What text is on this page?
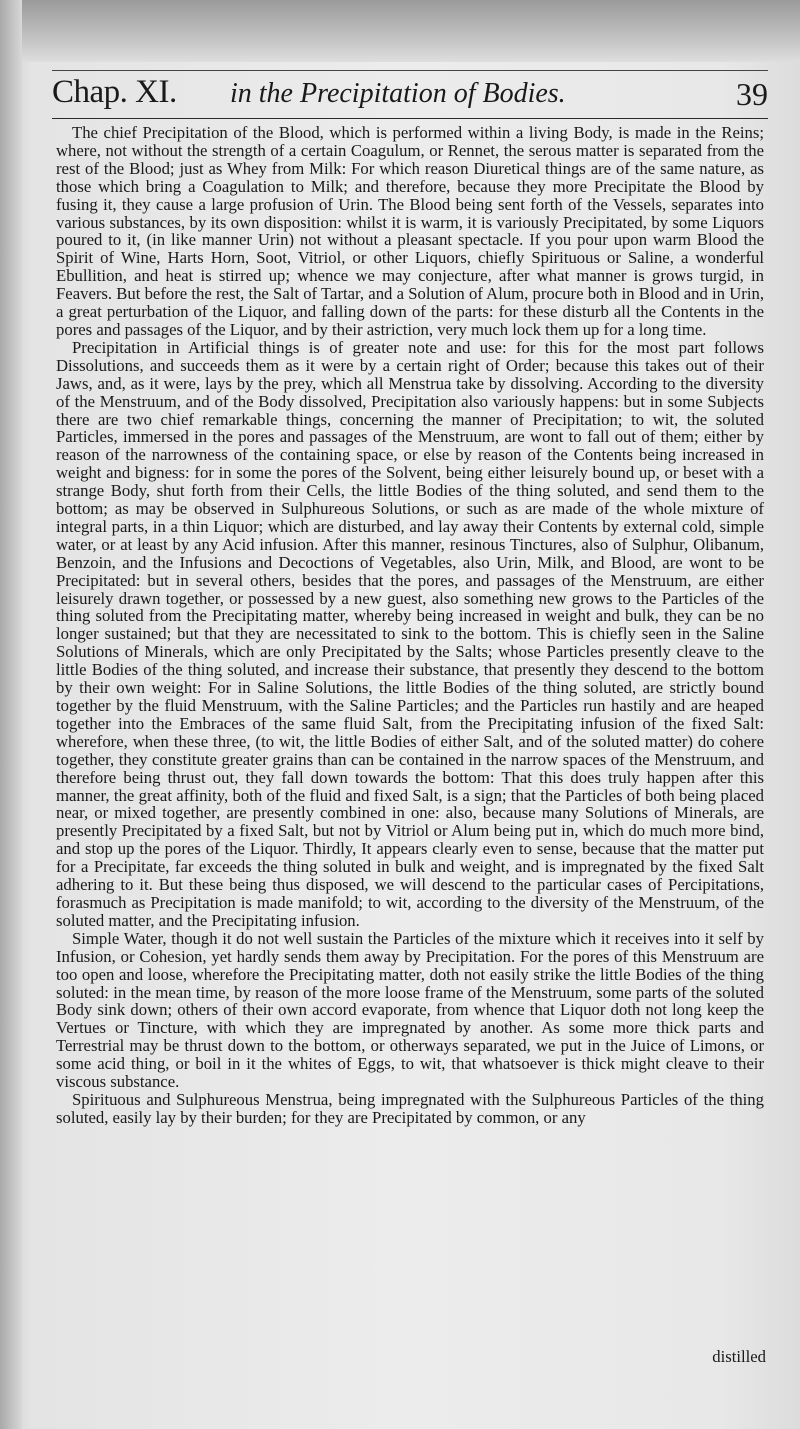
Chap. XI. in the Precipitation of Bodies.	39

The chief Precipitation of the Blood, which is performed within a living Body, is made in the Reins; where, not without the strength of a certain Coagulum, or Rennet, the serous matter is separated from the rest of the Blood; just as Whey from Milk: For which reason Diuretical things are of the same nature, as those which bring a Coagulation to Milk; and therefore, because they more Precipitate the Blood by fusing it, they cause a large profusion of Urin. The Blood being sent forth of the Vessels, separates into various substances, by its own disposition: whilst it is warm, it is variously Precipitated, by some Liquors poured to it, (in like manner Urin) not without a pleasant spectacle. If you pour upon warm Blood the Spirit of Wine, Harts Horn, Soot, Vitriol, or other Liquors, chiefly Spirituous or Saline, a wonderful Ebullition, and heat is stirred up; whence we may conjecture, after what manner is grows turgid, in Feavers. But before the rest, the Salt of Tartar, and a Solution of Alum, procure both in Blood and in Urin, a great perturbation of the Liquor, and falling down of the parts: for these disturb all the Contents in the pores and passages of the Liquor, and by their astriction, very much lock them up for a long time.

Precipitation in Artificial things is of greater note and use: for this for the most part follows Dissolutions, and succeeds them as it were by a certain right of Order; because this takes out of their Jaws, and, as it were, lays by the prey, which all Menstrua take by dissolving. According to the diversity of the Menstruum, and of the Body dissolved, Precipitation also variously happens: but in some Subjects there are two chief remarkable things, concerning the manner of Precipitation; to wit, the soluted Particles, immersed in the pores and passages of the Menstruum, are wont to fall out of them; either by reason of the narrowness of the containing space, or else by reason of the Contents being increased in weight and bigness: for in some the pores of the Solvent, being either leisurely bound up, or beset with a strange Body, shut forth from their Cells, the little Bodies of the thing soluted, and send them to the bottom; as may be observed in Sulphureous Solutions, or such as are made of the whole mixture of integral parts, in a thin Liquor; which are disturbed, and lay away their Contents by external cold, simple water, or at least by any Acid infusion. After this manner, resinous Tinctures, also of Sulphur, Olibanum, Benzoin, and the Infusions and Decoctions of Vegetables, also Urin, Milk, and Blood, are wont to be Precipitated: but in several others, besides that the pores, and passages of the Menstruum, are either leisurely drawn together, or possessed by a new guest, also something new grows to the Particles of the thing soluted from the Precipitating matter, whereby being increased in weight and bulk, they can be no longer sustained; but that they are necessitated to sink to the bottom. This is chiefly seen in the Saline Solutions of Minerals, which are only Precipitated by the Salts; whose Particles presently cleave to the little Bodies of the thing soluted, and increase their substance, that presently they descend to the bottom by their own weight: For in Saline Solutions, the little Bodies of the thing soluted, are strictly bound together by the fluid Menstruum, with the Saline Particles; and the Particles run hastily and are heaped together into the Embraces of the same fluid Salt, from the Precipitating infusion of the fixed Salt: wherefore, when these three, (to wit, the little Bodies of either Salt, and of the soluted matter) do cohere together, they constitute greater grains than can be contained in the narrow spaces of the Menstruum, and therefore being thrust out, they fall down towards the bottom: That this does truly happen after this manner, the great affinity, both of the fluid and fixed Salt, is a sign; that the Particles of both being placed near, or mixed together, are presently combined in one: also, because many Solutions of Minerals, are presently Precipitated by a fixed Salt, but not by Vitriol or Alum being put in, which do much more bind, and stop up the pores of the Liquor. Thirdly, It appears clearly even to sense, because that the matter put for a Precipitate, far exceeds the thing soluted in bulk and weight, and is impregnated by the fixed Salt adhering to it. But these being thus disposed, we will descend to the particular cases of Percipitations, forasmuch as Precipitation is made manifold; to wit, according to the diversity of the Menstruum, of the soluted matter, and the Precipitating infusion.

Simple Water, though it do not well sustain the Particles of the mixture which it receives into it self by Infusion, or Cohesion, yet hardly sends them away by Precipitation. For the pores of this Menstruum are too open and loose, wherefore the Precipitating matter, doth not easily strike the little Bodies of the thing soluted: in the mean time, by reason of the more loose frame of the Menstruum, some parts of the soluted Body sink down; others of their own accord evaporate, from whence that Liquor doth not long keep the Vertues or Tincture, with which they are impregnated by another. As some more thick parts and Terrestrial may be thrust down to the bottom, or otherways separated, we put in the Juice of Limons, or some acid thing, or boil in it the whites of Eggs, to wit, that whatsoever is thick might cleave to their viscous substance.

Spirituous and Sulphureous Menstrua, being impregnated with the Sulphureous Particles of the thing soluted, easily lay by their burden; for they are Precipitated by common, or any

distilled
